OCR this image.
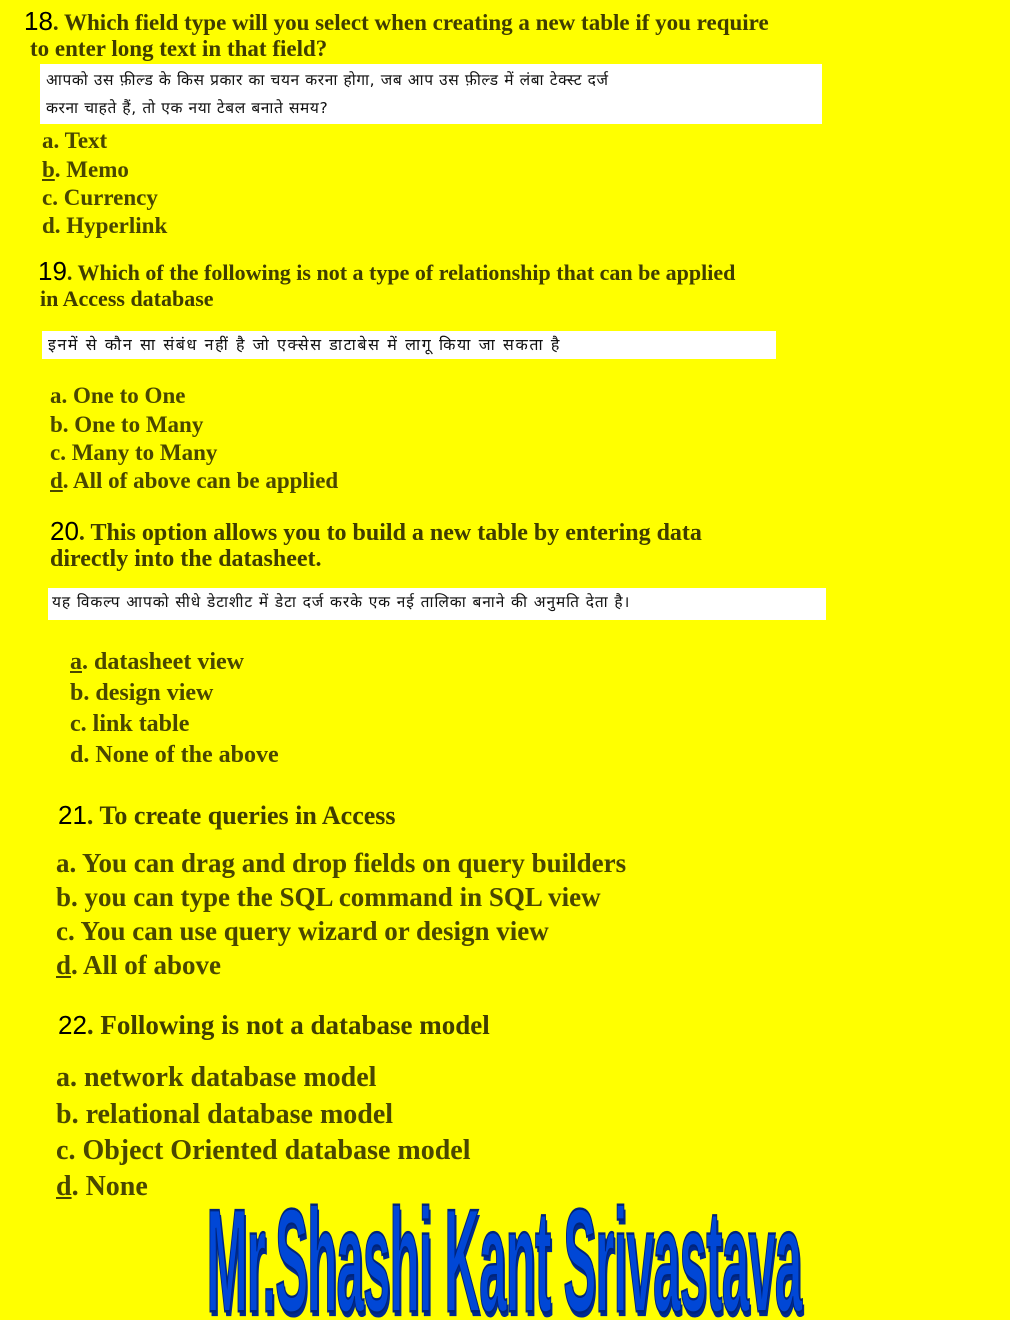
18. Which field type will you select when creating a new table if you require
to enter long text in that field?
आपको उस फ़ील्ड के किस प्रकार का चयन करना होगा, जब आप उस फ़ील्ड में लंबा टेक्स्ट दर्ज
करना चाहते हैं, तो एक नया टेबल बनाते समय?
a. Text
b. Memo
c. Currency
d. Hyperlink
19. Which of the following is not a type of relationship that can be applied
in Access database
इनमें से कौन सा संबंध नहीं है जो एक्सेस डाटाबेस में लागू किया जा सकता है
a. One to One
b. One to Many
c. Many to Many
d. All of above can be applied
20. This option allows you to build a new table by entering data
directly into the datasheet.
यह विकल्प आपको सीधे डेटाशीट में डेटा दर्ज करके एक नई तालिका बनाने की अनुमति देता है।
a. datasheet view
b. design view
c. link table
d. None of the above
21. To create queries in Access
a. You can drag and drop fields on query builders
b. you can type the SQL command in SQL view
c. You can use query wizard or design view
d. All of above
22. Following is not a database model
a. network database model
b. relational database model
c. Object Oriented database model
d. None Mr.Shashi Kant Srivastava
